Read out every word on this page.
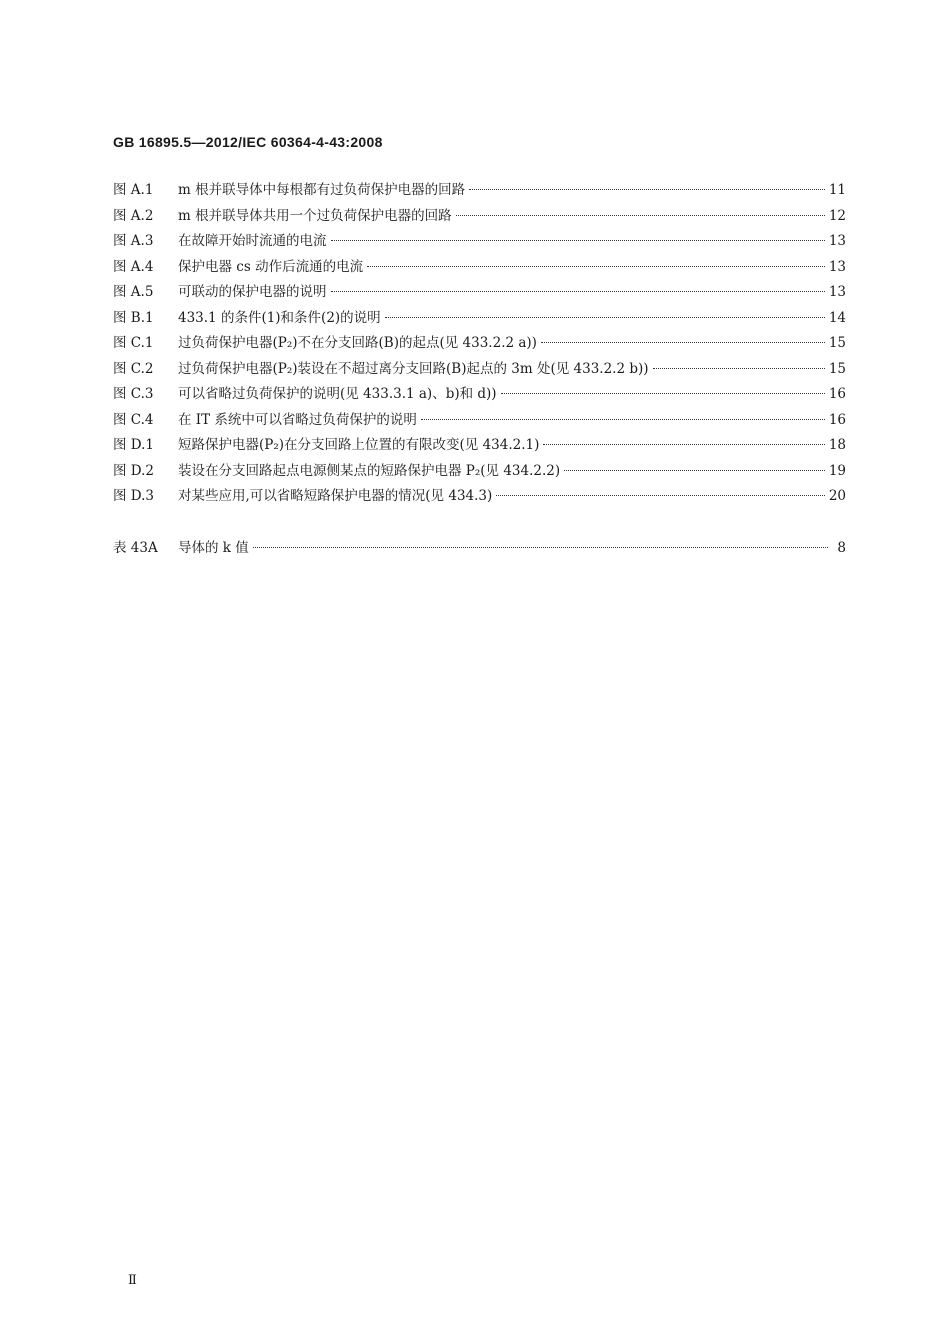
GB 16895.5—2012/IEC 60364-4-43:2008
图 A.1	m 根并联导体中每根都有过负荷保护电器的回路	11
图 A.2	m 根并联导体共用一个过负荷保护电器的回路	12
图 A.3	在故障开始时流通的电流	13
图 A.4	保护电器 cs 动作后流通的电流	13
图 A.5	可联动的保护电器的说明	13
图 B.1	433.1 的条件(1)和条件(2)的说明	14
图 C.1	过负荷保护电器(P₂)不在分支回路(B)的起点(见 433.2.2 a))	15
图 C.2	过负荷保护电器(P₂)装设在不超过离分支回路(B)起点的 3m 处(见 433.2.2 b))	15
图 C.3	可以省略过负荷保护的说明(见 433.3.1 a)、b)和 d))	16
图 C.4	在 IT 系统中可以省略过负荷保护的说明	16
图 D.1	短路保护电器(P₂)在分支回路上位置的有限改变(见 434.2.1)	18
图 D.2	装设在分支回路起点电源侧某点的短路保护电器 P₂(见 434.2.2)	19
图 D.3	对某些应用,可以省略短路保护电器的情况(见 434.3)	20
表 43A	导体的 k 值	8
Ⅱ
